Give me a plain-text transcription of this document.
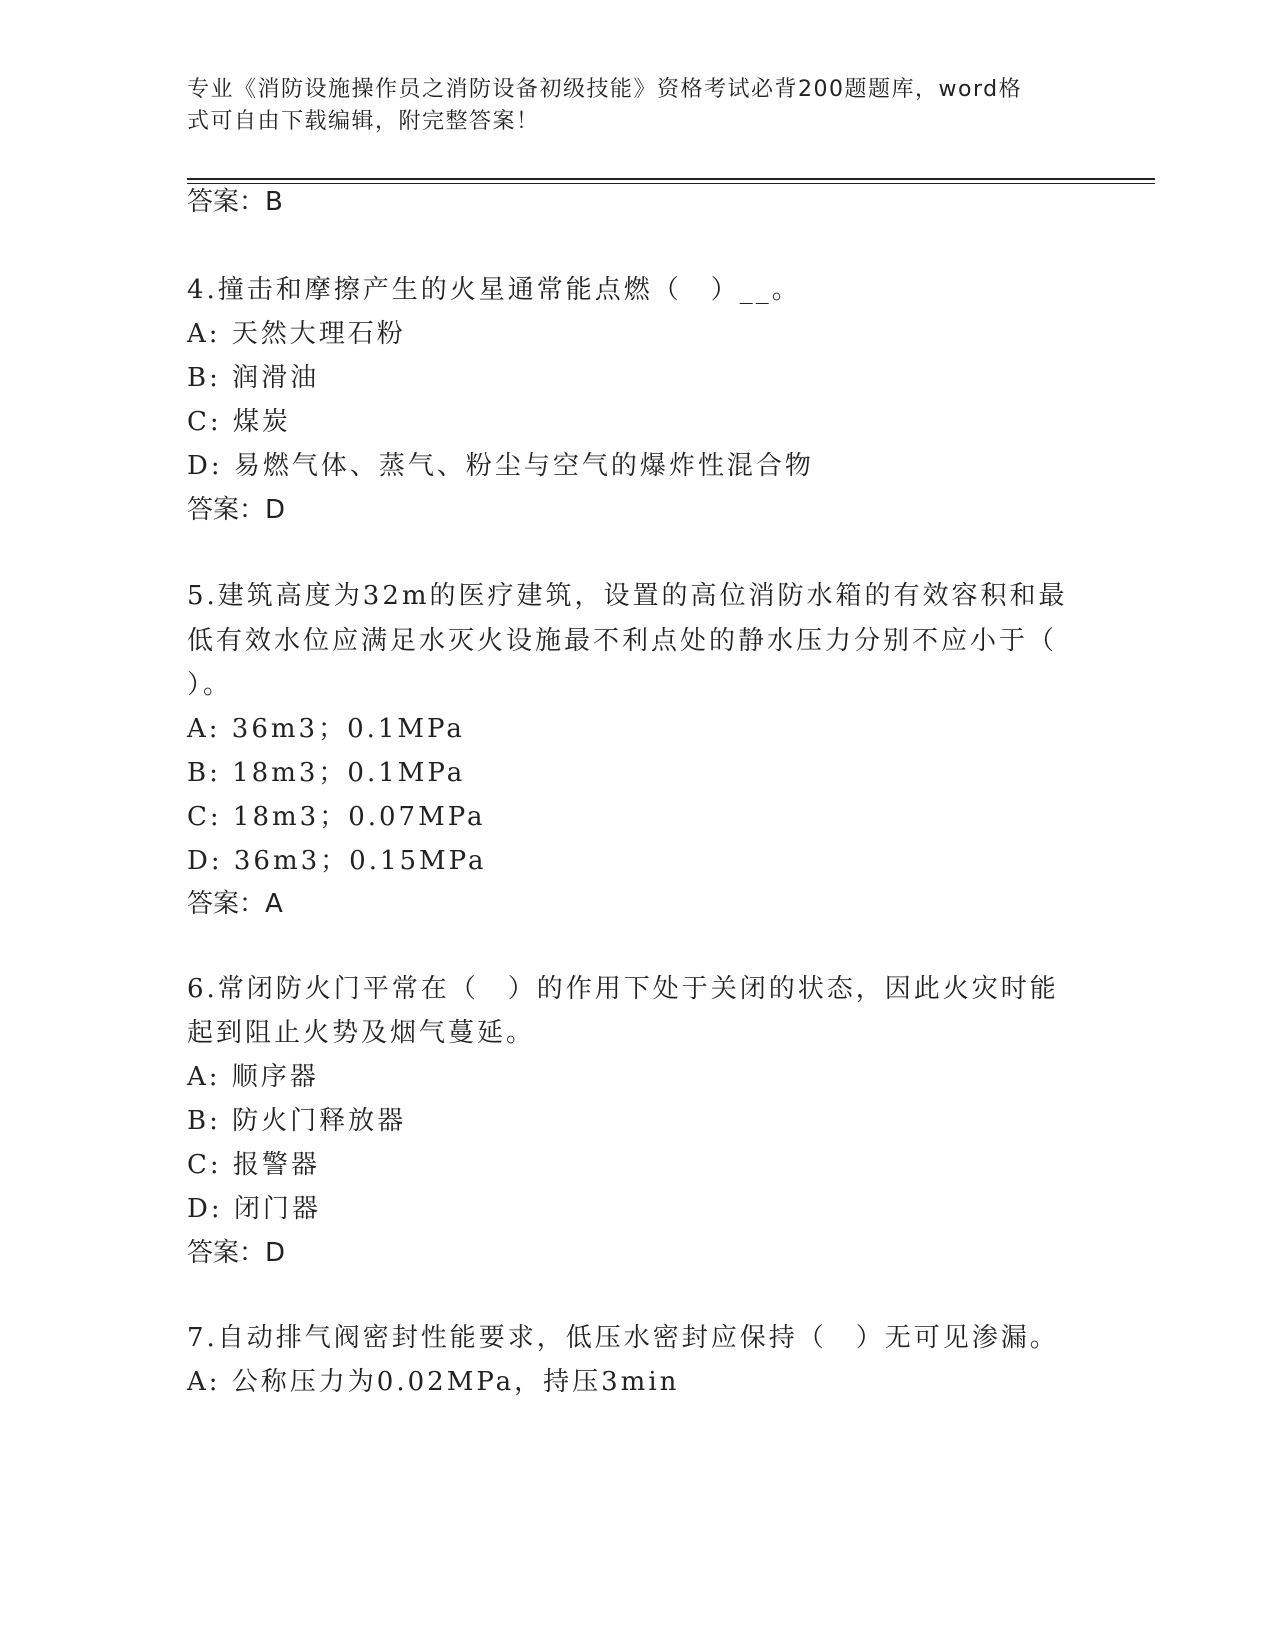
专业《消防设施操作员之消防设备初级技能》资格考试必背200题题库，word格
式可自由下载编辑，附完整答案！
答案：B
4.撞击和摩擦产生的火星通常能点燃（　）__。
A: 天然大理石粉
B: 润滑油
C: 煤炭
D: 易燃气体、蒸气、粉尘与空气的爆炸性混合物
答案：D
5.建筑高度为32m的医疗建筑，设置的高位消防水箱的有效容积和最
低有效水位应满足水灭火设施最不利点处的静水压力分别不应小于（
）。
A: 36m3；0.1MPa
B: 18m3；0.1MPa
C: 18m3；0.07MPa
D: 36m3；0.15MPa
答案：A
6.常闭防火门平常在（　）的作用下处于关闭的状态，因此火灾时能
起到阻止火势及烟气蔓延。
A: 顺序器
B: 防火门释放器
C: 报警器
D: 闭门器
答案：D
7.自动排气阀密封性能要求，低压水密封应保持（　）无可见渗漏。
A: 公称压力为0.02MPa，持压3min
